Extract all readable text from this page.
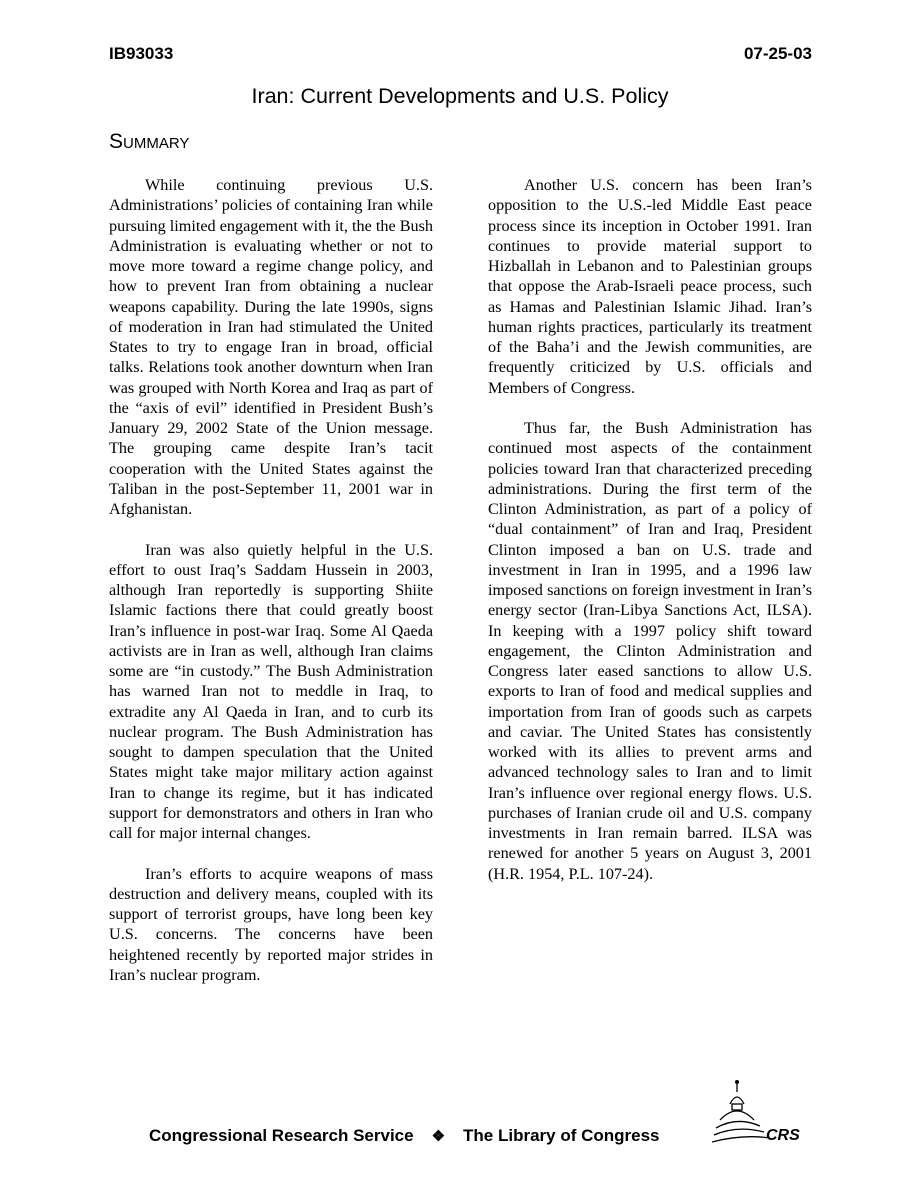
IB93033	07-25-03
Iran: Current Developments and U.S. Policy
Summary

While continuing previous U.S. Administrations’ policies of containing Iran while pursuing limited engagement with it, the the Bush Administration is evaluating whether or not to move more toward a regime change policy, and how to prevent Iran from obtaining a nuclear weapons capability. During the late 1990s, signs of moderation in Iran had stimulated the United States to try to engage Iran in broad, official talks. Relations took another downturn when Iran was grouped with North Korea and Iraq as part of the “axis of evil” identified in President Bush’s January 29, 2002 State of the Union message. The grouping came despite Iran’s tacit cooperation with the United States against the Taliban in the post-September 11, 2001 war in Afghanistan.

Iran was also quietly helpful in the U.S. effort to oust Iraq’s Saddam Hussein in 2003, although Iran reportedly is supporting Shiite Islamic factions there that could greatly boost Iran’s influence in post-war Iraq. Some Al Qaeda activists are in Iran as well, although Iran claims some are “in custody.” The Bush Administration has warned Iran not to meddle in Iraq, to extradite any Al Qaeda in Iran, and to curb its nuclear program. The Bush Administration has sought to dampen speculation that the United States might take major military action against Iran to change its regime, but it has indicated support for demonstrators and others in Iran who call for major internal changes.

Iran’s efforts to acquire weapons of mass destruction and delivery means, coupled with its support of terrorist groups, have long been key U.S. concerns. The concerns have been heightened recently by reported major strides in Iran’s nuclear program.

Another U.S. concern has been Iran’s opposition to the U.S.-led Middle East peace process since its inception in October 1991. Iran continues to provide material support to Hizballah in Lebanon and to Palestinian groups that oppose the Arab-Israeli peace process, such as Hamas and Palestinian Islamic Jihad. Iran’s human rights practices, particularly its treatment of the Baha’i and the Jewish communities, are frequently criticized by U.S. officials and Members of Congress.

Thus far, the Bush Administration has continued most aspects of the containment policies toward Iran that characterized preceding administrations. During the first term of the Clinton Administration, as part of a policy of “dual containment” of Iran and Iraq, President Clinton imposed a ban on U.S. trade and investment in Iran in 1995, and a 1996 law imposed sanctions on foreign investment in Iran’s energy sector (Iran-Libya Sanctions Act, ILSA). In keeping with a 1997 policy shift toward engagement, the Clinton Administration and Congress later eased sanctions to allow U.S. exports to Iran of food and medical supplies and importation from Iran of goods such as carpets and caviar. The United States has consistently worked with its allies to prevent arms and advanced technology sales to Iran and to limit Iran’s influence over regional energy flows. U.S. purchases of Iranian crude oil and U.S. company investments in Iran remain barred. ILSA was renewed for another 5 years on August 3, 2001 (H.R. 1954, P.L. 107-24).

Congressional Research Service ❖ The Library of Congress	CRS
